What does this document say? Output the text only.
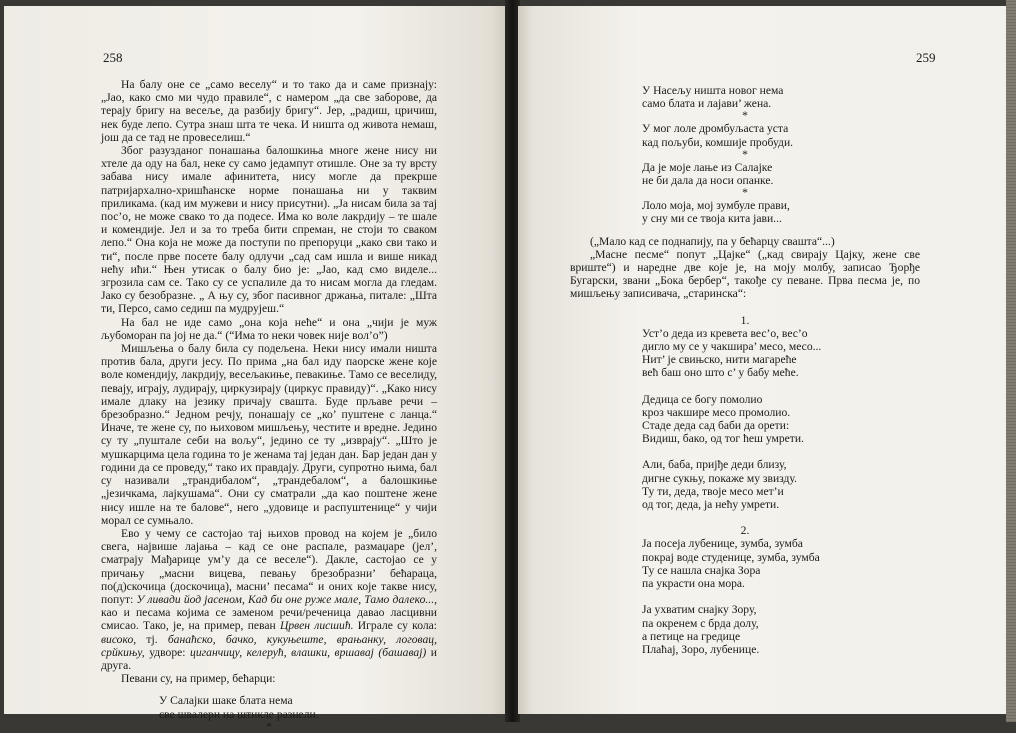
258

На балу оне се „само веселу“ и то тако да и саме признају: „Јао, како смо ми чудо правиле“, с намером „да све заборове, да терају бригу на весеље, да разбију бригу“. Јер, „радиш, цричиш, нек буде лепо. Сутра знаш шта те чека. И ништа од живота немаш, још да се тад не провеселиш.“

Због разузданог понашања балошкиња многе жене нису ни хтеле да оду на бал, неке су само једампут отишле. Оне за ту врсту забава нису имале афинитета, нису могле да прекрше патријархално-хришћанске норме понашања ни у таквим приликама. (кад им мужеви и нису присутни). „Ја нисам била за тај пос’о, не може свако то да подесе. Има ко воле лакрдију – те шале и комендије. Јел и за то треба бити спреман, не стоји то сваком лепо.“ Она која не може да поступи по препоруци „како сви тако и ти“, после прве посете балу одлучи „сад сам ишла и више никад нећу ићи.“ Њен утисак о балу био је: „Јао, кад смо виделе... згрозила сам се. Тако су се успалиле да то нисам могла да гледам. Јако су безобразне. „ А њу су, због пасивног држања, питале: „Шта ти, Персо, само седиш па мудрујеш.“

На бал не иде само „она која неће“ и она „чији је муж љубоморан па јој не да.“ (“Има то неки човек није вол’о”)

Мишљења о балу била су подељена. Неки нису имали ништа против бала, други јесу. По прима „на бал иду паорске жене које воле комендију, лакрдију, весељакиње, певакиње. Тамо се веселиду, певају, играју, лудирају, циркузирају (циркус правиду)“. „Како нису имале длаку на језику причају свашта. Буде прљаве речи – брезобразно.“ Једном речју, понашају се „ко’ пуштене с ланца.“ Иначе, те жене су, по њиховом мишљењу, честите и вредне. Једино су ту „пуштале себи на вољу“, једино се ту „изврају“. „Што је мушкарцима цела година то је женама тај један дан. Бар један дан у години да се проведу,“ тако их правдају. Други, супротно њима, бал су називали „трандибалом“, „трандебалом“, а балошкиње „језичкама, лајкушама“. Они су сматрали „да као поштене жене нису ишле на те балове“, него „удовице и распуштенице“ у чији морал се сумњало.

Ево у чему се састојао тај њихов провод на којем је „било свега, највише лајања – кад се оне распале, размаџаре (јел’, сматрају Мађарице ум’у да се веселе“). Дакле, састојао се у причању „масни вицева, певању брезобразни’ бећараца, по(д)скочица (доскочица), масни’ песама“ и оних које такве нису, попут: У ливади йод јасеном, Кад би оне руже мале, Тамо далеко..., као и песама којима се заменом речи/реченица давао ласцивни смисао. Тако, је, на пример, певан Црвен лисшић. Играле су кола: високо, тј. банаћско, бачко, кукуњеште, врањанку, логовац, срйкињу, удворе: циганчицу, келерућ, влашки, вршавај (башавај) и друга.

Певани су, на пример, бећарци:

У Салајки шаке блата нема

све швалери на штикле разнели.

*

259

У Насељу ништа новог нема

само блата и лајави’ жена.

*

У мог лоле дромбуљаста уста

кад пољуби, комшије пробуди.

*

Да је моје лање из Салајке

не би дала да носи опанке.

*

Лоло моја, мој зумбуле прави,

у сну ми се твоја кита јави...

(„Мало кад се поднапију, па у бећарцу свашта“...)

„Масне песме“ попут „Цајке“ („кад свирају Цајку, жене све вриште“) и наредне две које је, на моју молбу, записао Ђорђе Бугарски, звани „Бока бербер“, такође су певане. Прва песма је, по мишљењу записивача, „старинска“:

1.

Уст’о деда из кревета вес’о, вес’о

дигло му се у чакшира’ месо, месо...

Нит’ је свињско, нити магареће

већ баш оно што с’ у бабу меће.

Дедица се богу помолио

кроз чакшире месо промолио.

Стаде деда сад баби да орети:

Видиш, бако, од тог ћеш умрети.

Али, баба, пријђе деди близу,

дигне сукњу, покаже му звизду.

Ту ти, деда, твоје месо мет’и

од тог, деда, ја нећу умрети.

2.

Ја посеја лубенице, зумба, зумба

покрај воде студенице, зумба, зумба

Ту се нашла снајка Зора

па украсти она мора.

Ја ухватим снајку Зору,

па окренем с брда долу,

а петице на гредице

Плаћај, Зоро, лубенице.
